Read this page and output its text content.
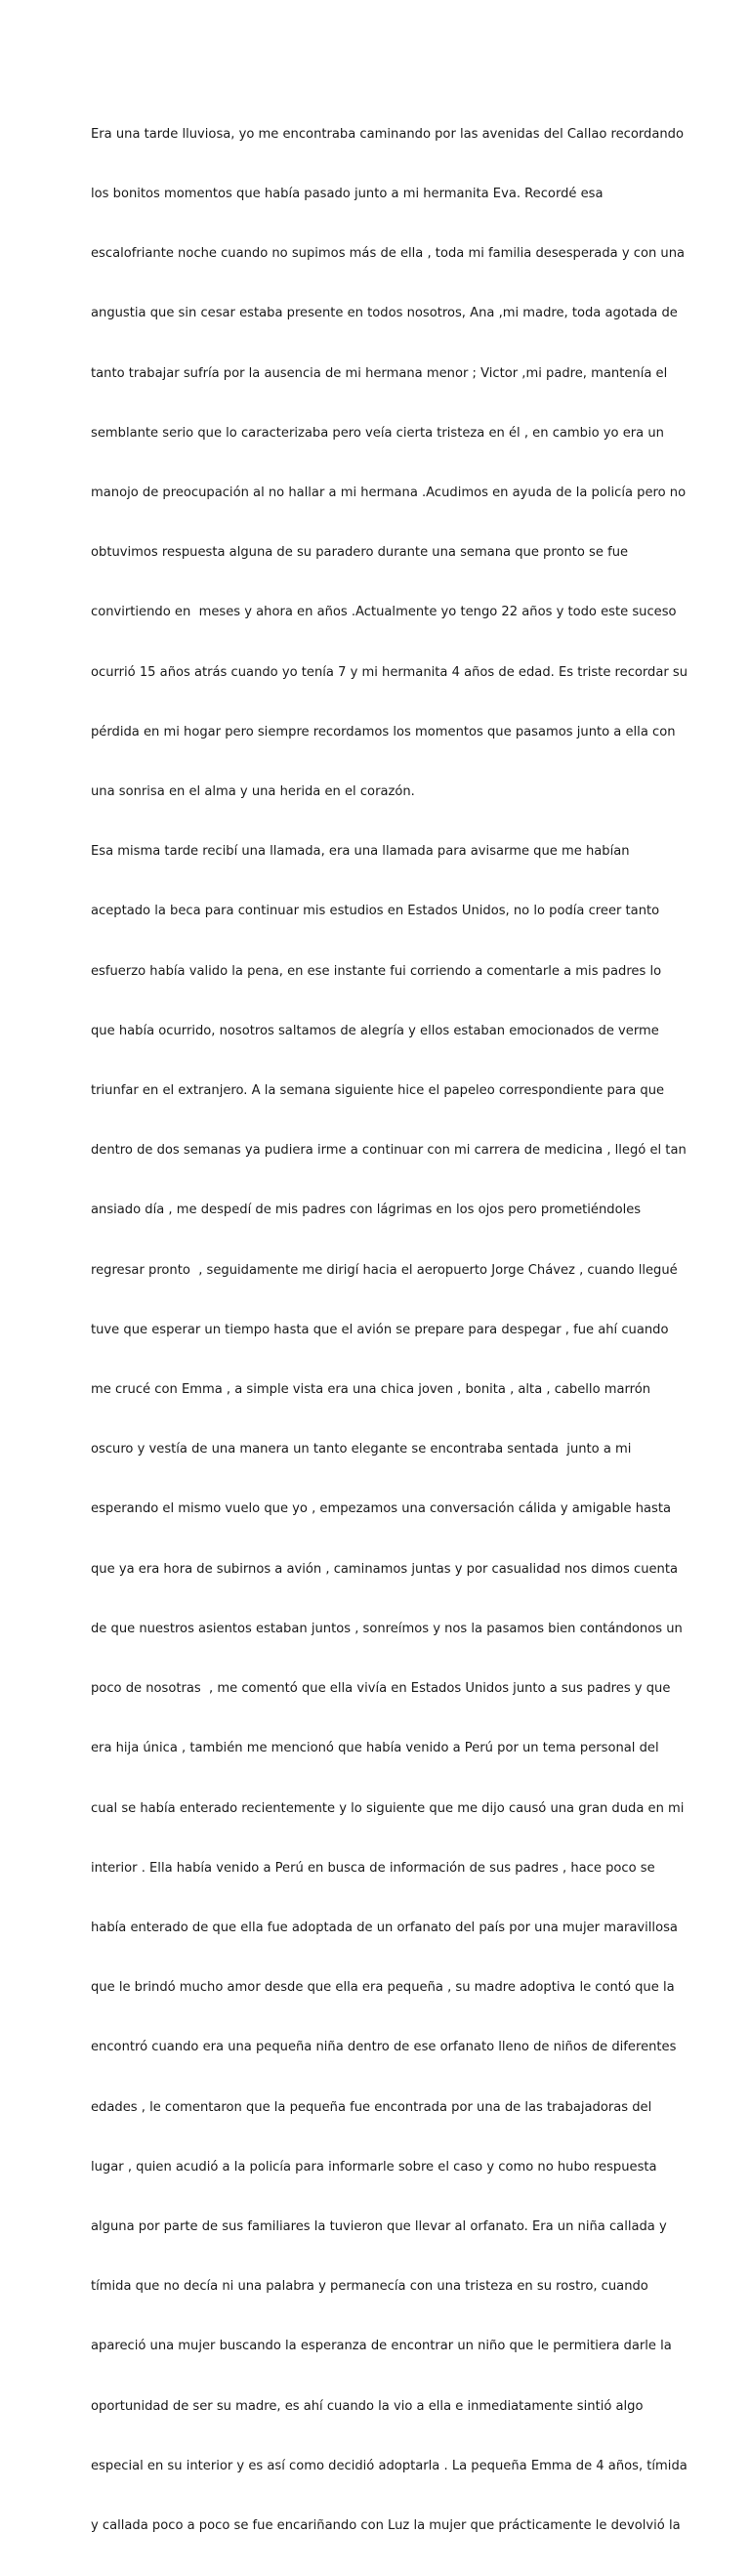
Era una tarde lluviosa, yo me encontraba caminando por las avenidas del Callao recordando

los bonitos momentos que había pasado junto a mi hermanita Eva. Recordé esa

escalofriante noche cuando no supimos más de ella , toda mi familia desesperada y con una

angustia que sin cesar estaba presente en todos nosotros, Ana ,mi madre, toda agotada de

tanto trabajar sufría por la ausencia de mi hermana menor ; Victor ,mi padre, mantenía el

semblante serio que lo caracterizaba pero veía cierta tristeza en él , en cambio yo era un

manojo de preocupación al no hallar a mi hermana .Acudimos en ayuda de la policía pero no

obtuvimos respuesta alguna de su paradero durante una semana que pronto se fue

convirtiendo en  meses y ahora en años .Actualmente yo tengo 22 años y todo este suceso

ocurrió 15 años atrás cuando yo tenía 7 y mi hermanita 4 años de edad. Es triste recordar su

pérdida en mi hogar pero siempre recordamos los momentos que pasamos junto a ella con

una sonrisa en el alma y una herida en el corazón.

Esa misma tarde recibí una llamada, era una llamada para avisarme que me habían

aceptado la beca para continuar mis estudios en Estados Unidos, no lo podía creer tanto

esfuerzo había valido la pena, en ese instante fui corriendo a comentarle a mis padres lo

que había ocurrido, nosotros saltamos de alegría y ellos estaban emocionados de verme

triunfar en el extranjero. A la semana siguiente hice el papeleo correspondiente para que

dentro de dos semanas ya pudiera irme a continuar con mi carrera de medicina , llegó el tan

ansiado día , me despedí de mis padres con lágrimas en los ojos pero prometiéndoles

regresar pronto  , seguidamente me dirigí hacia el aeropuerto Jorge Chávez , cuando llegué

tuve que esperar un tiempo hasta que el avión se prepare para despegar , fue ahí cuando

me crucé con Emma , a simple vista era una chica joven , bonita , alta , cabello marrón

oscuro y vestía de una manera un tanto elegante se encontraba sentada  junto a mi

esperando el mismo vuelo que yo , empezamos una conversación cálida y amigable hasta

que ya era hora de subirnos a avión , caminamos juntas y por casualidad nos dimos cuenta

de que nuestros asientos estaban juntos , sonreímos y nos la pasamos bien contándonos un

poco de nosotras  , me comentó que ella vivía en Estados Unidos junto a sus padres y que

era hija única , también me mencionó que había venido a Perú por un tema personal del

cual se había enterado recientemente y lo siguiente que me dijo causó una gran duda en mi

interior . Ella había venido a Perú en busca de información de sus padres , hace poco se

había enterado de que ella fue adoptada de un orfanato del país por una mujer maravillosa

que le brindó mucho amor desde que ella era pequeña , su madre adoptiva le contó que la

encontró cuando era una pequeña niña dentro de ese orfanato lleno de niños de diferentes

edades , le comentaron que la pequeña fue encontrada por una de las trabajadoras del

lugar , quien acudió a la policía para informarle sobre el caso y como no hubo respuesta

alguna por parte de sus familiares la tuvieron que llevar al orfanato. Era un niña callada y

tímida que no decía ni una palabra y permanecía con una tristeza en su rostro, cuando

apareció una mujer buscando la esperanza de encontrar un niño que le permitiera darle la

oportunidad de ser su madre, es ahí cuando la vio a ella e inmediatamente sintió algo

especial en su interior y es así como decidió adoptarla . La pequeña Emma de 4 años, tímida

y callada poco a poco se fue encariñando con Luz la mujer que prácticamente le devolvió la
